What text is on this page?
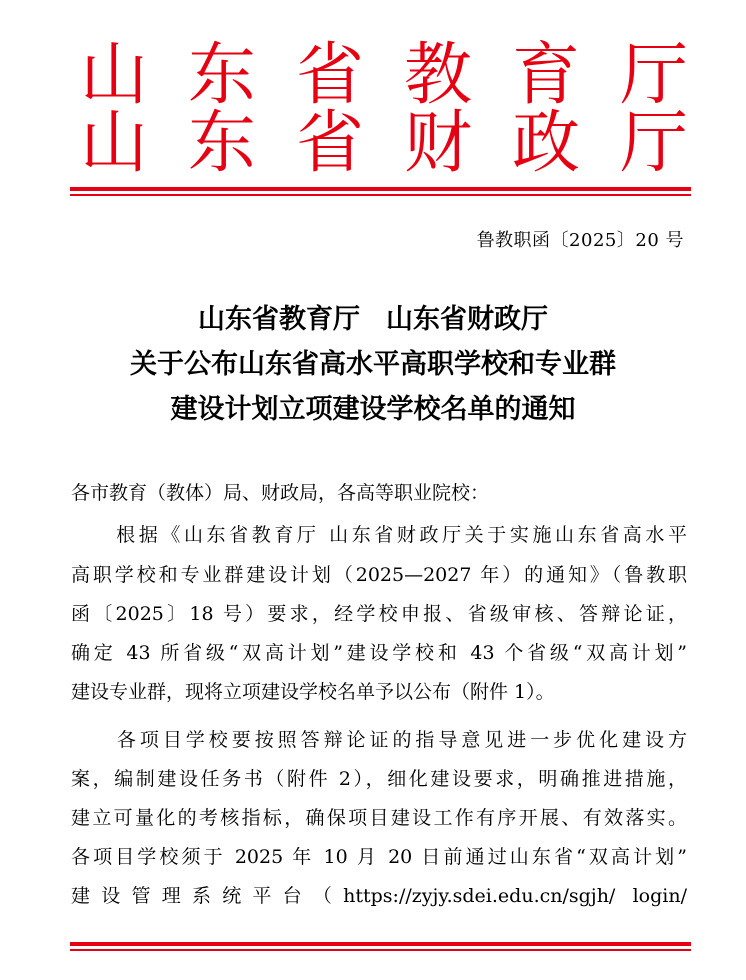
山 东 省 教 育 厅
山 东 省 财 政 厅
鲁教职函〔2025〕20 号
山东省教育厅 山东省财政厅
关于公布山东省高水平高职学校和专业群
建设计划立项建设学校名单的通知
各市教育（教体）局、财政局，各高等职业院校：
　　根据《山东省教育厅 山东省财政厅关于实施山东省高水平
高职学校和专业群建设计划（2025—2027 年）的通知》（鲁教职
函〔2025〕18 号）要求，经学校申报、省级审核、答辩论证，
确定 43 所省级“双高计划”建设学校和 43 个省级“双高计划”
建设专业群，现将立项建设学校名单予以公布（附件 1）。
　　各项目学校要按照答辩论证的指导意见进一步优化建设方
案，编制建设任务书（附件 2），细化建设要求，明确推进措施，
建立可量化的考核指标，确保项目建设工作有序开展、有效落实。
各项目学校须于 2025 年 10 月 20 日前通过山东省“双高计划”
建设管理系统平台（https://zyjy.sdei.edu.cn/sgjh/ login/
